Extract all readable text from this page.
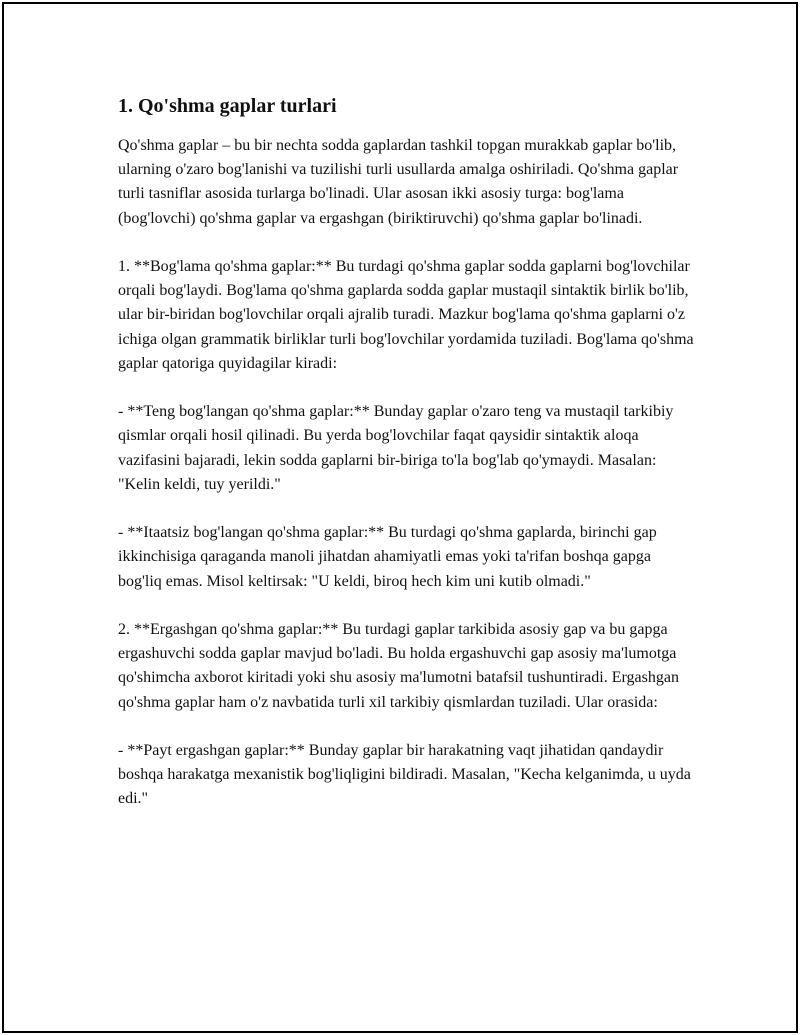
1. Qo'shma gaplar turlari

Qo'shma gaplar – bu bir nechta sodda gaplardan tashkil topgan murakkab gaplar bo'lib, ularning o'zaro bog'lanishi va tuzilishi turli usullarda amalga oshiriladi. Qo'shma gaplar turli tasniflar asosida turlarga bo'linadi. Ular asosan ikki asosiy turga: bog'lama (bog'lovchi) qo'shma gaplar va ergashgan (biriktiruvchi) qo'shma gaplar bo'linadi.

1. **Bog'lama qo'shma gaplar:** Bu turdagi qo'shma gaplar sodda gaplarni bog'lovchilar orqali bog'laydi. Bog'lama qo'shma gaplarda sodda gaplar mustaqil sintaktik birlik bo'lib, ular bir-biridan bog'lovchilar orqali ajralib turadi. Mazkur bog'lama qo'shma gaplarni o'z ichiga olgan grammatik birliklar turli bog'lovchilar yordamida tuziladi. Bog'lama qo'shma gaplar qatoriga quyidagilar kiradi:

- **Teng bog'langan qo'shma gaplar:** Bunday gaplar o'zaro teng va mustaqil tarkibiy qismlar orqali hosil qilinadi. Bu yerda bog'lovchilar faqat qaysidir sintaktik aloqa vazifasini bajaradi, lekin sodda gaplarni bir-biriga to'la bog'lab qo'ymaydi. Masalan: "Kelin keldi, tuy yerildi."

- **Itaatsiz bog'langan qo'shma gaplar:** Bu turdagi qo'shma gaplarda, birinchi gap ikkinchisiga qaraganda manoli jihatdan ahamiyatli emas yoki ta'rifan boshqa gapga bog'liq emas. Misol keltirsak: "U keldi, biroq hech kim uni kutib olmadi."

2. **Ergashgan qo'shma gaplar:** Bu turdagi gaplar tarkibida asosiy gap va bu gapga ergashuvchi sodda gaplar mavjud bo'ladi. Bu holda ergashuvchi gap asosiy ma'lumotga qo'shimcha axborot kiritadi yoki shu asosiy ma'lumotni batafsil tushuntiradi. Ergashgan qo'shma gaplar ham o'z navbatida turli xil tarkibiy qismlardan tuziladi. Ular orasida:

- **Payt ergashgan gaplar:** Bunday gaplar bir harakatning vaqt jihatidan qandaydir boshqa harakatga mexanistik bog'liqligini bildiradi. Masalan, "Kecha kelganimda, u uyda edi."
